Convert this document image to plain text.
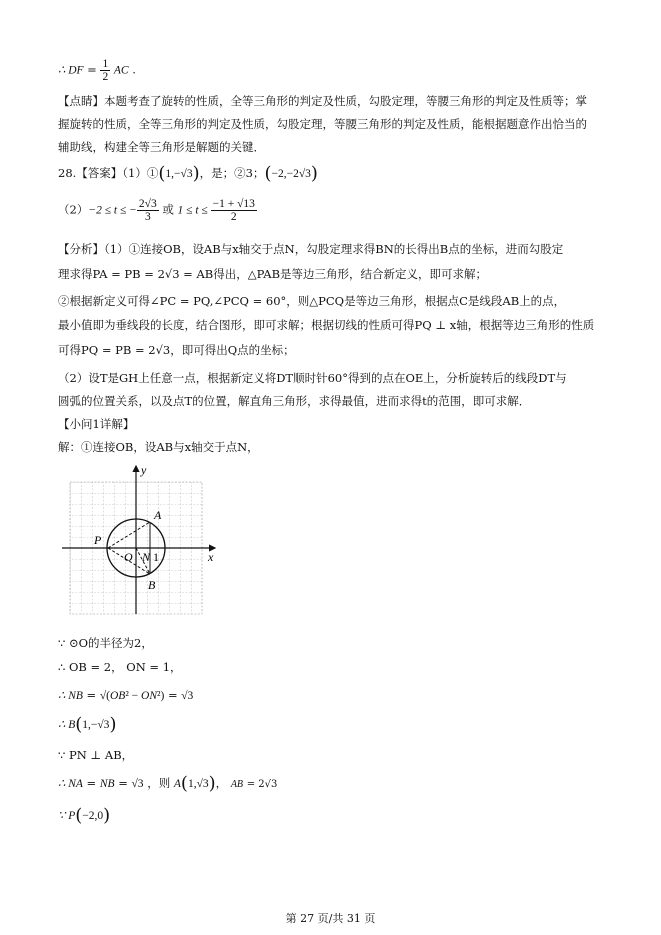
∴ DF = $\frac{1}{2}$ AC .
【点睛】本题考查了旋转的性质，全等三角形的判定及性质，勾股定理，等腰三角形的判定及性质等；掌
握旋转的性质，全等三角形的判定及性质，勾股定理，等腰三角形的判定及性质，能根据题意作出恰当的
辅助线，构建全等三角形是解题的关键．
28.【答案】（1）①(1,−√3)，是；②3；(−2,−2√3)
（2）−2 ≤ t ≤ − $\frac{2√3}{3}$ 或 $1 \le t \le \frac{-1 + √13}{2}$
【分析】（1）①连接OB，设AB与x轴交于点N，勾股定理求得BN的长得出B点的坐标，进而勾股定
理求得PA = PB = 2√3 = AB得出，△PAB是等边三角形，结合新定义，即可求解；
②根据新定义可得∠PC = PQ,∠PCQ = 60°，则△PCQ是等边三角形，根据点C是线段AB上的点，
最小值即为垂线段的长度，结合图形，即可求解；根据切线的性质可得PQ ⊥ x轴，根据等边三角形的性质
可得PQ = PB = 2√3，即可得出Q点的坐标；
（2）设T是GH上任意一点，根据新定义将DT顺时针60°得到的点在OE上，分析旋转后的线段DT与
圆弧的位置关系，以及点T的位置，解直角三角形，求得最值，进而求得t的范围，即可求解．
【小问1详解】
解：①连接OB，设AB与x轴交于点N，
y
x
P
O N 1
A
B
∵ ⊙O的半径为2，
∴ OB = 2， ON = 1，
∴ NB = √(OB² − ON²) = √3
∴ B(1,−√3)
∵ PN ⊥ AB，
∴ NA = NB = √3 ，则 A(1,√3)， AB = 2√3
∵ P(−2,0)
第 27 页/共 31 页
